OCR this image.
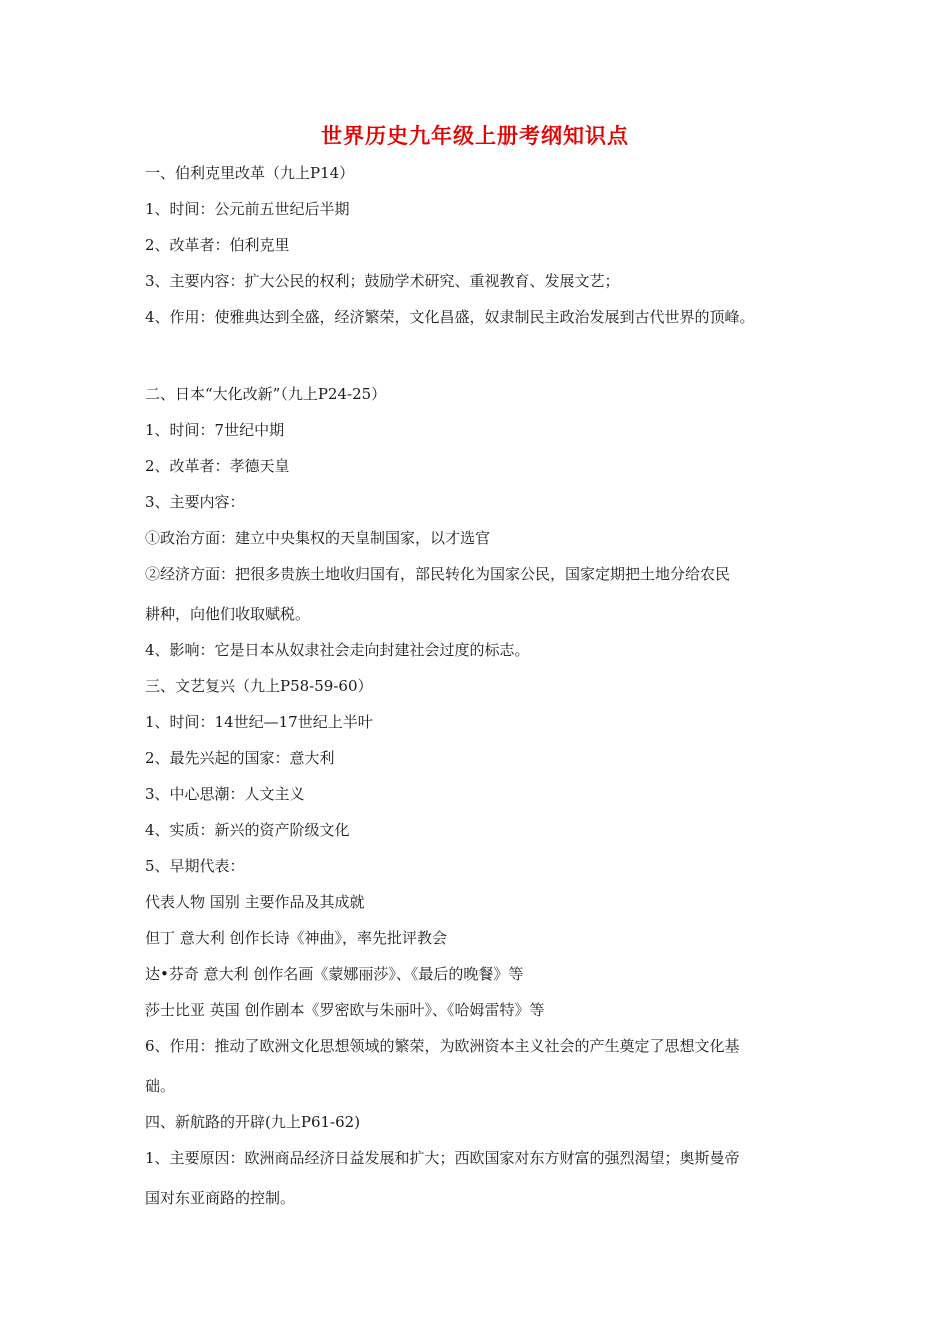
世界历史九年级上册考纲知识点
一、伯利克里改革（九上P14）
1、时间：公元前五世纪后半期
2、改革者：伯利克里
3、主要内容：扩大公民的权利；鼓励学术研究、重视教育、发展文艺；
4、作用：使雅典达到全盛，经济繁荣，文化昌盛，奴隶制民主政治发展到古代世界的顶峰。
二、日本“大化改新”（九上P24-25）
1、时间：7世纪中期
2、改革者：孝德天皇
3、主要内容：
①政治方面：建立中央集权的天皇制国家，以才选官
②经济方面：把很多贵族土地收归国有，部民转化为国家公民，国家定期把土地分给农民
耕种，向他们收取赋税。
4、影响：它是日本从奴隶社会走向封建社会过度的标志。
三、文艺复兴（九上P58-59-60）
1、时间：14世纪—17世纪上半叶
2、最先兴起的国家：意大利
3、中心思潮：人文主义
4、实质：新兴的资产阶级文化
5、早期代表：
代表人物 国别 主要作品及其成就
但丁 意大利 创作长诗《神曲》，率先批评教会
达•芬奇 意大利 创作名画《蒙娜丽莎》、《最后的晚餐》等
莎士比亚 英国 创作剧本《罗密欧与朱丽叶》、《哈姆雷特》等
6、作用：推动了欧洲文化思想领域的繁荣，为欧洲资本主义社会的产生奠定了思想文化基
础。
四、新航路的开辟(九上P61-62)
1、主要原因：欧洲商品经济日益发展和扩大；西欧国家对东方财富的强烈渴望；奥斯曼帝
国对东亚商路的控制。
